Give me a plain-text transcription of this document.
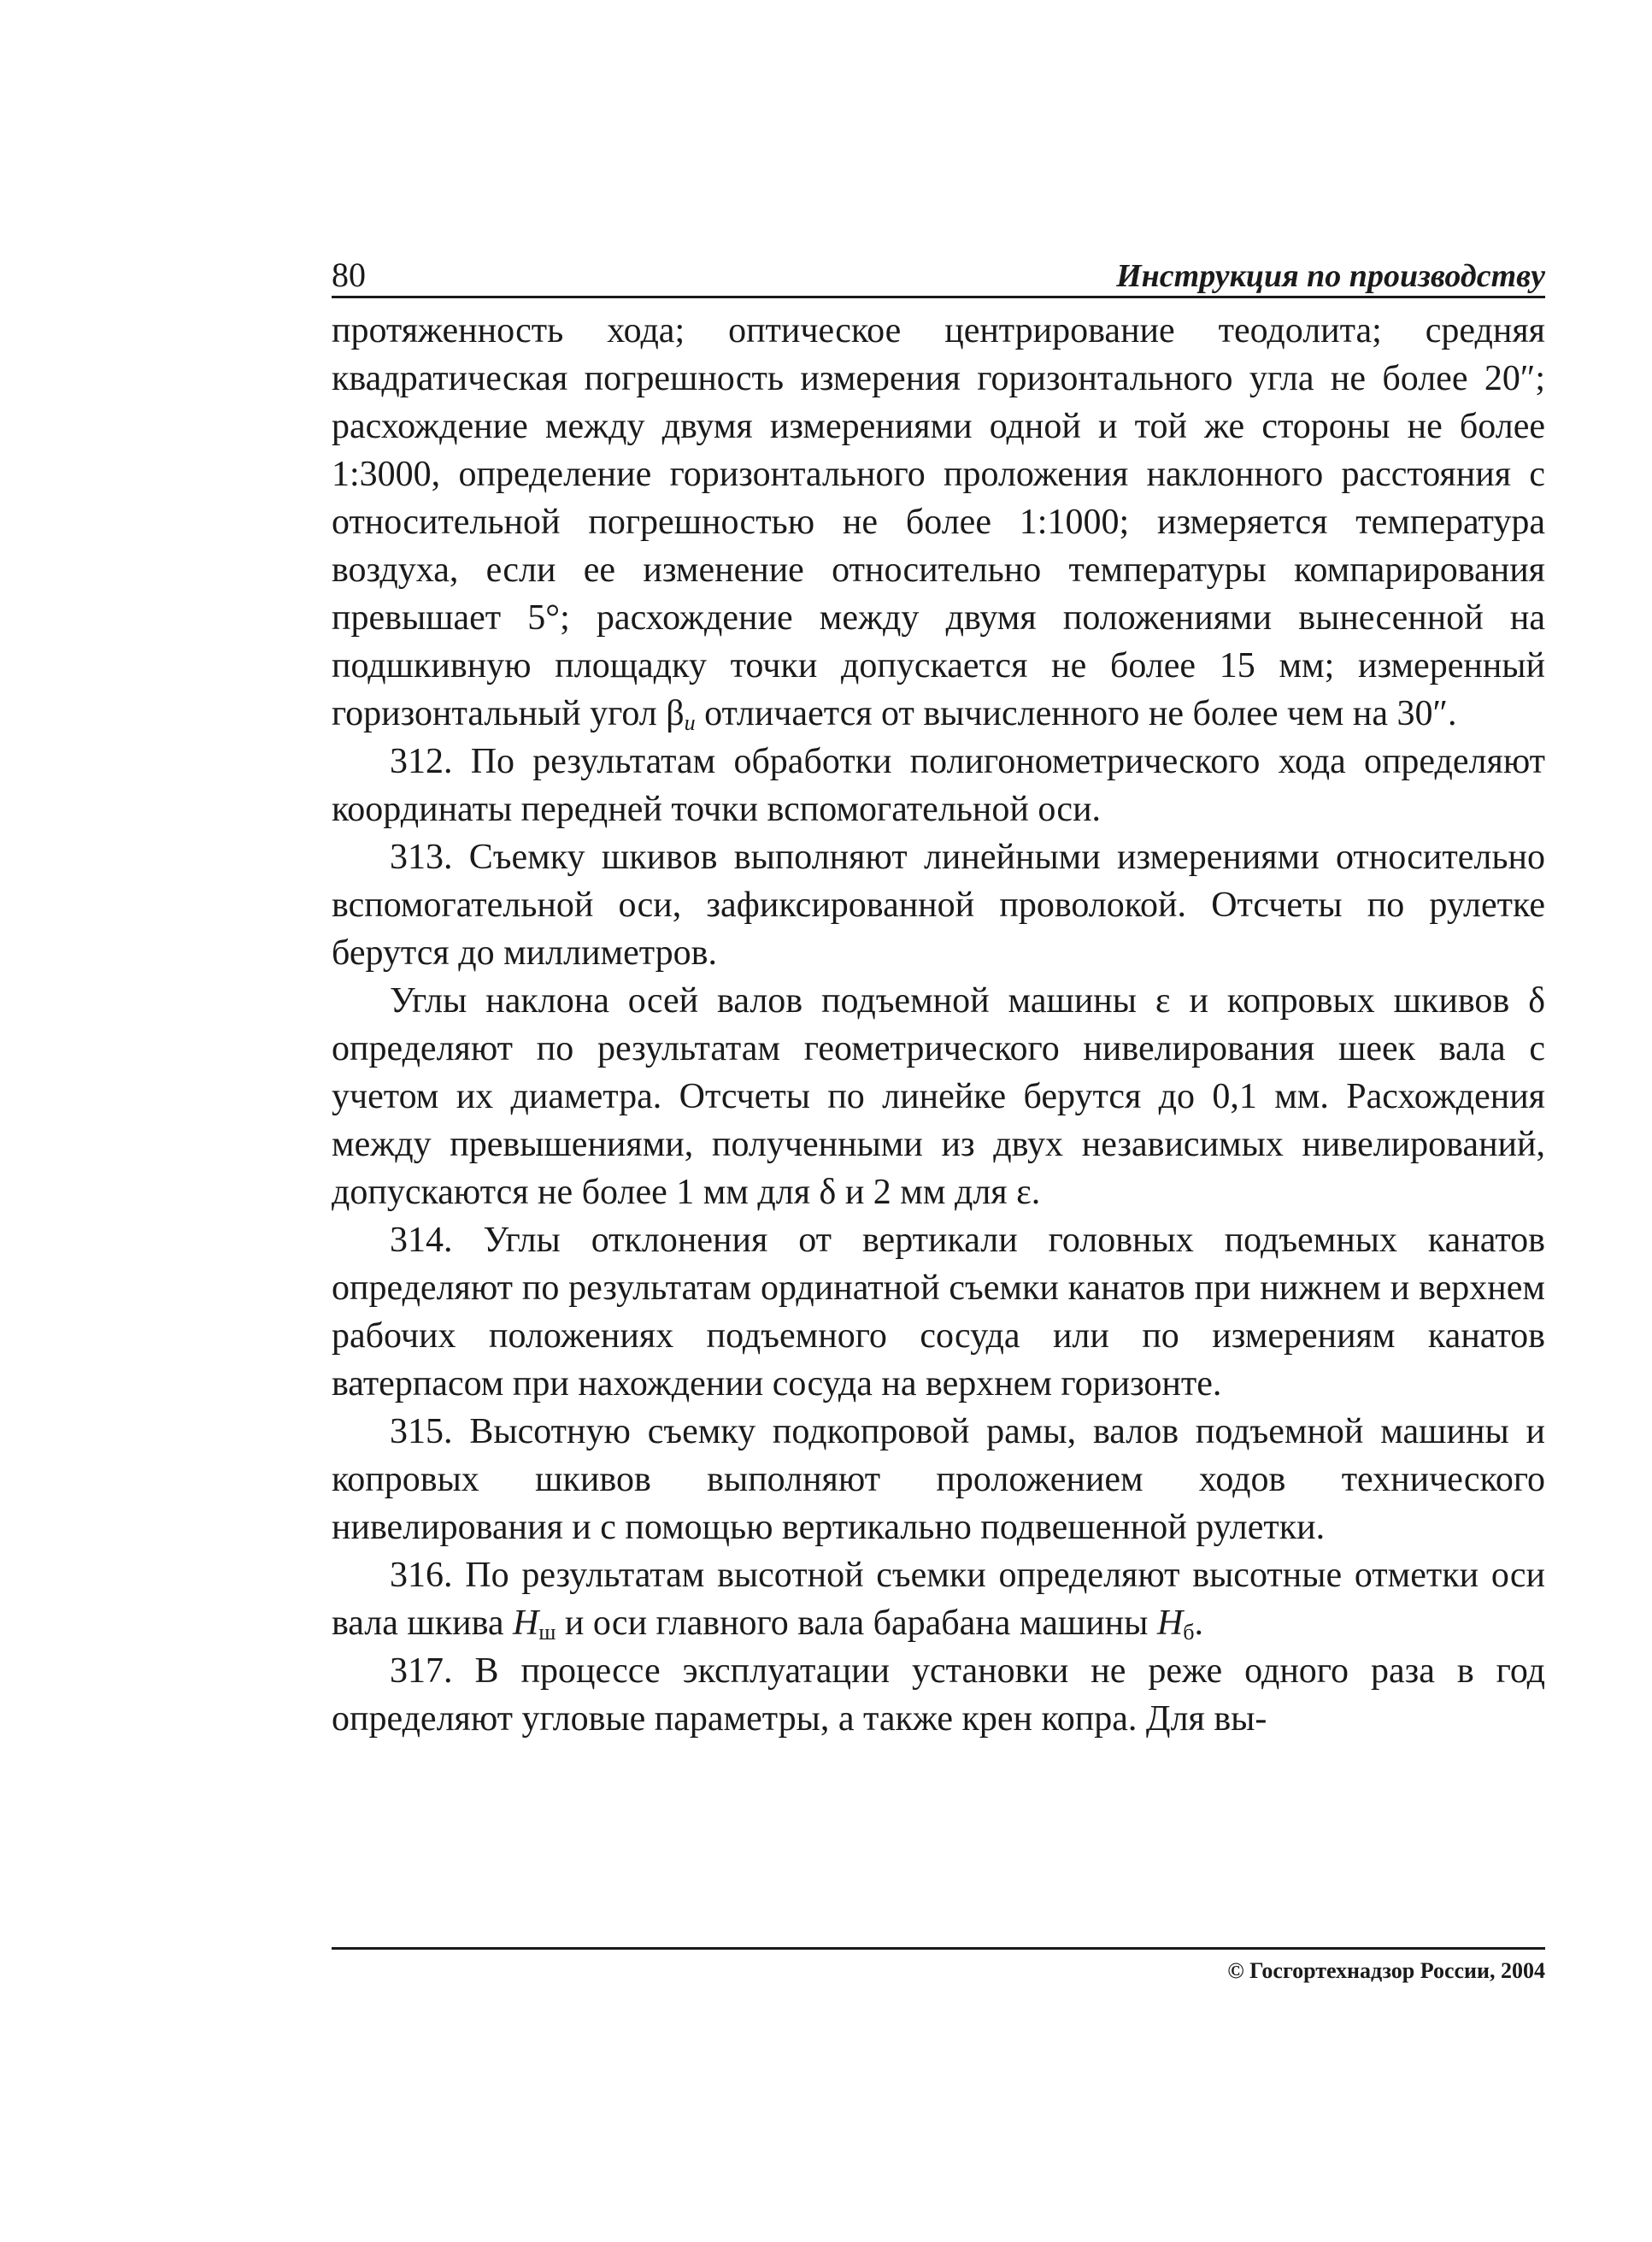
80	Инструкция по производству

протяженность хода; оптическое центрирование теодолита; средняя квадратическая погрешность измерения горизонтального угла не более 20″; расхождение между двумя измерениями одной и той же стороны не более 1:3000, определение горизонтального проложения наклонного расстояния с относительной погрешностью не более 1:1000; измеряется температура воздуха, если ее изменение относительно температуры компарирования превышает 5°; расхождение между двумя положениями вынесенной на подшкивную площадку точки допускается не более 15 мм; измеренный горизонтальный угол $\beta_и$ отличается от вычисленного не более чем на 30″.

312. По результатам обработки полигонометрического хода определяют координаты передней точки вспомогательной оси.

313. Съемку шкивов выполняют линейными измерениями относительно вспомогательной оси, зафиксированной проволокой. Отсчеты по рулетке берутся до миллиметров.

Углы наклона осей валов подъемной машины ε и копровых шкивов δ определяют по результатам геометрического нивелирования шеек вала с учетом их диаметра. Отсчеты по линейке берутся до 0,1 мм. Расхождения между превышениями, полученными из двух независимых нивелирований, допускаются не более 1 мм для δ и 2 мм для ε.

314. Углы отклонения от вертикали головных подъемных канатов определяют по результатам ординатной съемки канатов при нижнем и верхнем рабочих положениях подъемного сосуда или по измерениям канатов ватерпасом при нахождении сосуда на верхнем горизонте.

315. Высотную съемку подкопровой рамы, валов подъемной машины и копровых шкивов выполняют проложением ходов технического нивелирования и с помощью вертикально подвешенной рулетки.

316. По результатам высотной съемки определяют высотные отметки оси вала шкива $Н_ш$ и оси главного вала барабана машины $Н_б$.

317. В процессе эксплуатации установки не реже одного раза в год определяют угловые параметры, а также крен копра. Для вы-

© Госгортехнадзор России, 2004
